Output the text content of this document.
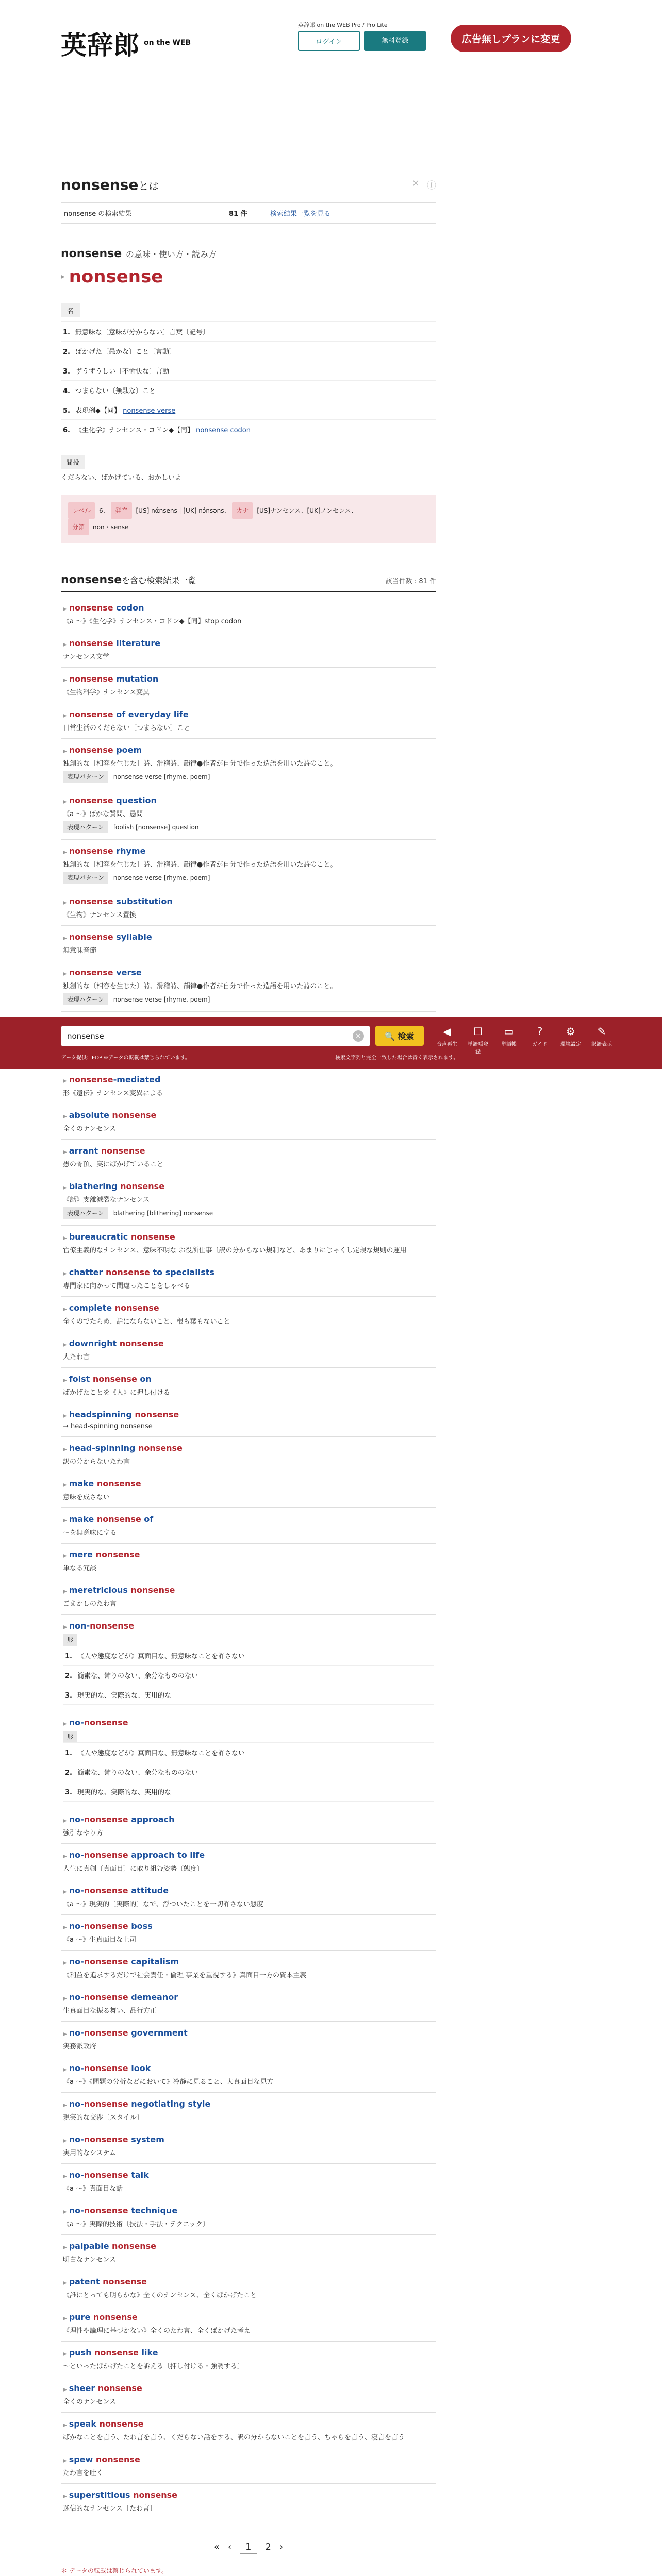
英辞郎 on the WEB
英辞郎 on the WEB Pro / Pro Lite
ログイン	無料登録	広告無しプランに変更
nonsenseとは	✕ ⓕ
nonsense の検索結果	81 件	検索結果一覧を見る
nonsense の意味・使い方・読み方
▶ nonsense
名
1. 無意味な〔意味が分からない〕言葉〔記号〕
2. ばかげた〔愚かな〕こと〔言動〕
3. ずうずうしい〔不愉快な〕言動
4. つまらない〔無駄な〕こと
5. 表現例◆【同】 nonsense verse
6. 《生化学》ナンセンス・コドン◆【同】 nonsense codon
間投
くだらない、ばかげている、おかしいよ
レベル 6、 発音 [US] nάnsens | [UK] nɔ́nsəns、 カナ [US]ナンセンス、[UK]ノンセンス、
分節 non・sense
nonsenseを含む検索結果一覧	該当件数 : 81 件
▶ nonsense codon
《a ～》《生化学》ナンセンス・コドン◆【同】stop codon
▶ nonsense literature
ナンセンス文学
▶ nonsense mutation
《生物科学》ナンセンス変異
▶ nonsense of everyday life
日常生活のくだらない〔つまらない〕こと
▶ nonsense poem
独創的な〔相容を生じた〕詩、滑稽詩、韻律●作者が自分で作った造語を用いた詩のこと。
表現パターン nonsense verse [rhyme, poem]
▶ nonsense question
《a ～》ばかな質問、愚問
表現パターン foolish [nonsense] question
▶ nonsense rhyme
独創的な〔相容を生じた〕詩、滑稽詩、韻律●作者が自分で作った造語を用いた詩のこと。
表現パターン nonsense verse [rhyme, poem]
▶ nonsense substitution
《生物》ナンセンス置換
▶ nonsense syllable
無意味音節
▶ nonsense verse
独創的な〔相容を生じた〕詩、滑稽詩、韻律●作者が自分で作った造語を用いた詩のこと。
表現パターン nonsense verse [rhyme, poem]
nonsense	×	🔍 検索	◀
音声再生
☐
単語帳登録
▭
単語帳
?
ガイド
⚙
環境設定
✎
訳語表示
データ提供：EDP ※データの転載は禁じられています。	検索文字列と完全一致した場合は青く表示されます。
▶ nonsense-mediated
形《遺伝》ナンセンス変異による
▶ absolute nonsense
全くのナンセンス
▶ arrant nonsense
愚の骨頂、実にばかげていること
▶ blathering nonsense
《話》支離滅裂なナンセンス
表現パターン blathering [blithering] nonsense
▶ bureaucratic nonsense
官僚主義的なナンセンス、意味不明な お役所仕事〔訳の分からない規制など、あまりにじゃくし定規な規則の運用
▶ chatter nonsense to specialists
専門家に向かって間違ったことをしゃべる
▶ complete nonsense
全くのでたらめ、話にならないこと、根も葉もないこと
▶ downright nonsense
大たわ言
▶ foist nonsense on
ばかげたことを《人》に押し付ける
▶ headspinning nonsense
→ head-spinning nonsense
▶ head-spinning nonsense
訳の分からないたわ言
▶ make nonsense
意味を成さない
▶ make nonsense of
～を無意味にする
▶ mere nonsense
単なる冗談
▶ meretricious nonsense
ごまかしのたわ言
▶ non-nonsense
形
1. 《人や態度などが》真面目な、無意味なことを許さない
2. 簡素な、飾りのない、余分なもののない
3. 現実的な、実際的な、実用的な
▶ no-nonsense
形
1. 《人や態度などが》真面目な、無意味なことを許さない
2. 簡素な、飾りのない、余分なもののない
3. 現実的な、実際的な、実用的な
▶ no-nonsense approach
強引なやり方
▶ no-nonsense approach to life
人生に真剣〔真面目〕に取り組む姿勢〔態度〕
▶ no-nonsense attitude
《a ～》現実的〔実際的〕なで、浮ついたことを一切許さない態度
▶ no-nonsense boss
《a ～》生真面目な上司
▶ no-nonsense capitalism
《利益を追求するだけで社会責任・倫理 事業を重視する》真面目一方の資本主義
▶ no-nonsense demeanor
生真面目な振る舞い、品行方正
▶ no-nonsense government
実務派政府
▶ no-nonsense look
《a ～》《問題の分析などにおいて》冷静に見ること、大真面目な見方
▶ no-nonsense negotiating style
現実的な交渉〔スタイル〕
▶ no-nonsense system
実用的なシステム
▶ no-nonsense talk
《a ～》真面目な話
▶ no-nonsense technique
《a ～》実際的技術〔技法・手法・テクニック〕
▶ palpable nonsense
明白なナンセンス
▶ patent nonsense
《誰にとっても明らかな》全くのナンセンス、全くばかげたこと
▶ pure nonsense
《理性や論理に基づかない》全くのたわ言、全くばかげた考え
▶ push nonsense like
～といったばかげたことを訴える〔押し付ける・強調する〕
▶ sheer nonsense
全くのナンセンス
▶ speak nonsense
ばかなことを言う、たわ言を言う、くだらない話をする、訳の分からないことを言う、ちゃらを言う、寝言を言う
▶ spew nonsense
たわ言を吐く
▶ superstitious nonsense
迷信的なナンセンス〔たわ言〕
« ‹	1	2 ›
＊ データの転載は禁じられています。
